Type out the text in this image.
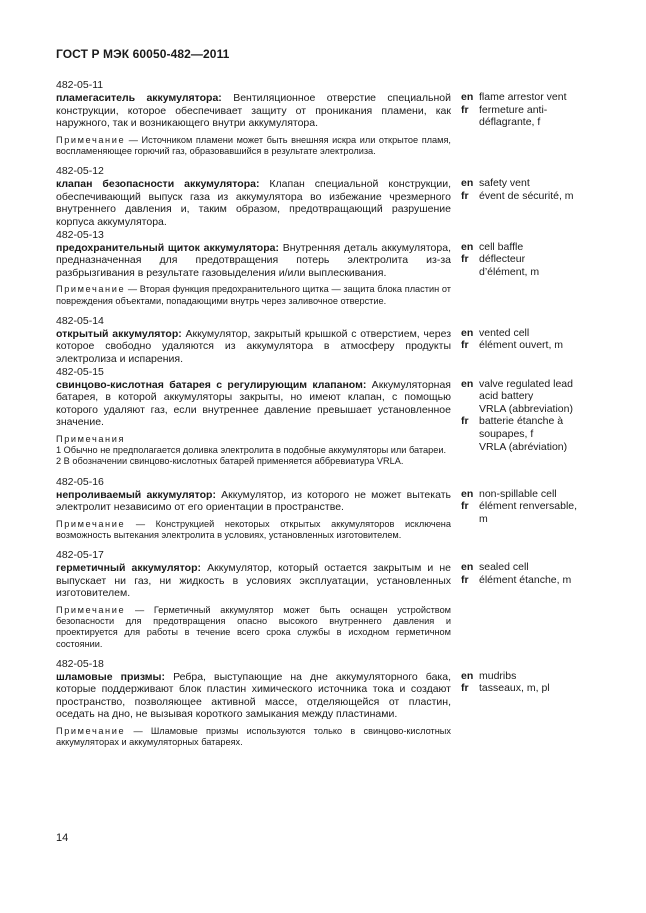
ГОСТ Р МЭК 60050-482—2011
482-05-11
пламегаситель аккумулятора: Вентиляционное отверстие специальной конструкции, которое обеспечивает защиту от проникания пламени, как наружного, так и возникающего внутри аккумулятора.
Примечание — Источником пламени может быть внешняя искра или открытое пламя, воспламеняющее горючий газ, образовавшийся в результате электролиза.
en flame arrestor vent
fr fermeture anti-
déflagrante, f
482-05-12
клапан безопасности аккумулятора: Клапан специальной конструкции, обеспечивающий выпуск газа из аккумулятора во избежание чрезмерного внутреннего давления и, таким образом, предотвращающий разрушение корпуса аккумулятора.
en safety vent
fr évent de sécurité, m
482-05-13
предохранительный щиток аккумулятора: Внутренняя деталь аккумулятора, предназначенная для предотвращения потерь электролита из-за разбрызгивания в результате газовыделения и/или выплескивания.
Примечание — Вторая функция предохранительного щитка — защита блока пластин от повреждения объектами, попадающими внутрь через заливочное отверстие.
en cell baffle
fr déflecteur
d’élément, m
482-05-14
открытый аккумулятор: Аккумулятор, закрытый крышкой с отверстием, через которое свободно удаляются из аккумулятора в атмосферу продукты электролиза и испарения.
en vented cell
fr élément ouvert, m
482-05-15
свинцово-кислотная батарея с регулирующим клапаном: Аккумуляторная батарея, в которой аккумуляторы закрыты, но имеют клапан, с помощью которого удаляют газ, если внутреннее давление превышает установленное значение.
Примечания
1 Обычно не предполагается доливка электролита в подобные аккумуляторы или батареи.
2 В обозначении свинцово-кислотных батарей применяется аббревиатура VRLA.
en valve regulated lead
acid battery
VRLA (abbreviation)
fr batterie étanche à
soupapes, f
VRLA (abréviation)
482-05-16
непроливаемый аккумулятор: Аккумулятор, из которого не может вытекать электролит независимо от его ориентации в пространстве.
Примечание — Конструкцией некоторых открытых аккумуляторов исключена возможность вытекания электролита в условиях, установленных изготовителем.
en non-spillable cell
fr élément renversable,
m
482-05-17
герметичный аккумулятор: Аккумулятор, который остается закрытым и не выпускает ни газ, ни жидкость в условиях эксплуатации, установленных изготовителем.
Примечание — Герметичный аккумулятор может быть оснащен устройством безопасности для предотвращения опасно высокого внутреннего давления и проектируется для работы в течение всего срока службы в исходном герметичном состоянии.
en sealed cell
fr élément étanche, m
482-05-18
шламовые призмы: Ребра, выступающие на дне аккумуляторного бака, которые поддерживают блок пластин химического источника тока и создают пространство, позволяющее активной массе, отделяющейся от пластин, оседать на дно, не вызывая короткого замыкания между пластинами.
Примечание — Шламовые призмы используются только в свинцово-кислотных аккумуляторах и аккумуляторных батареях.
en mudribs
fr tasseaux, m, pl
14
